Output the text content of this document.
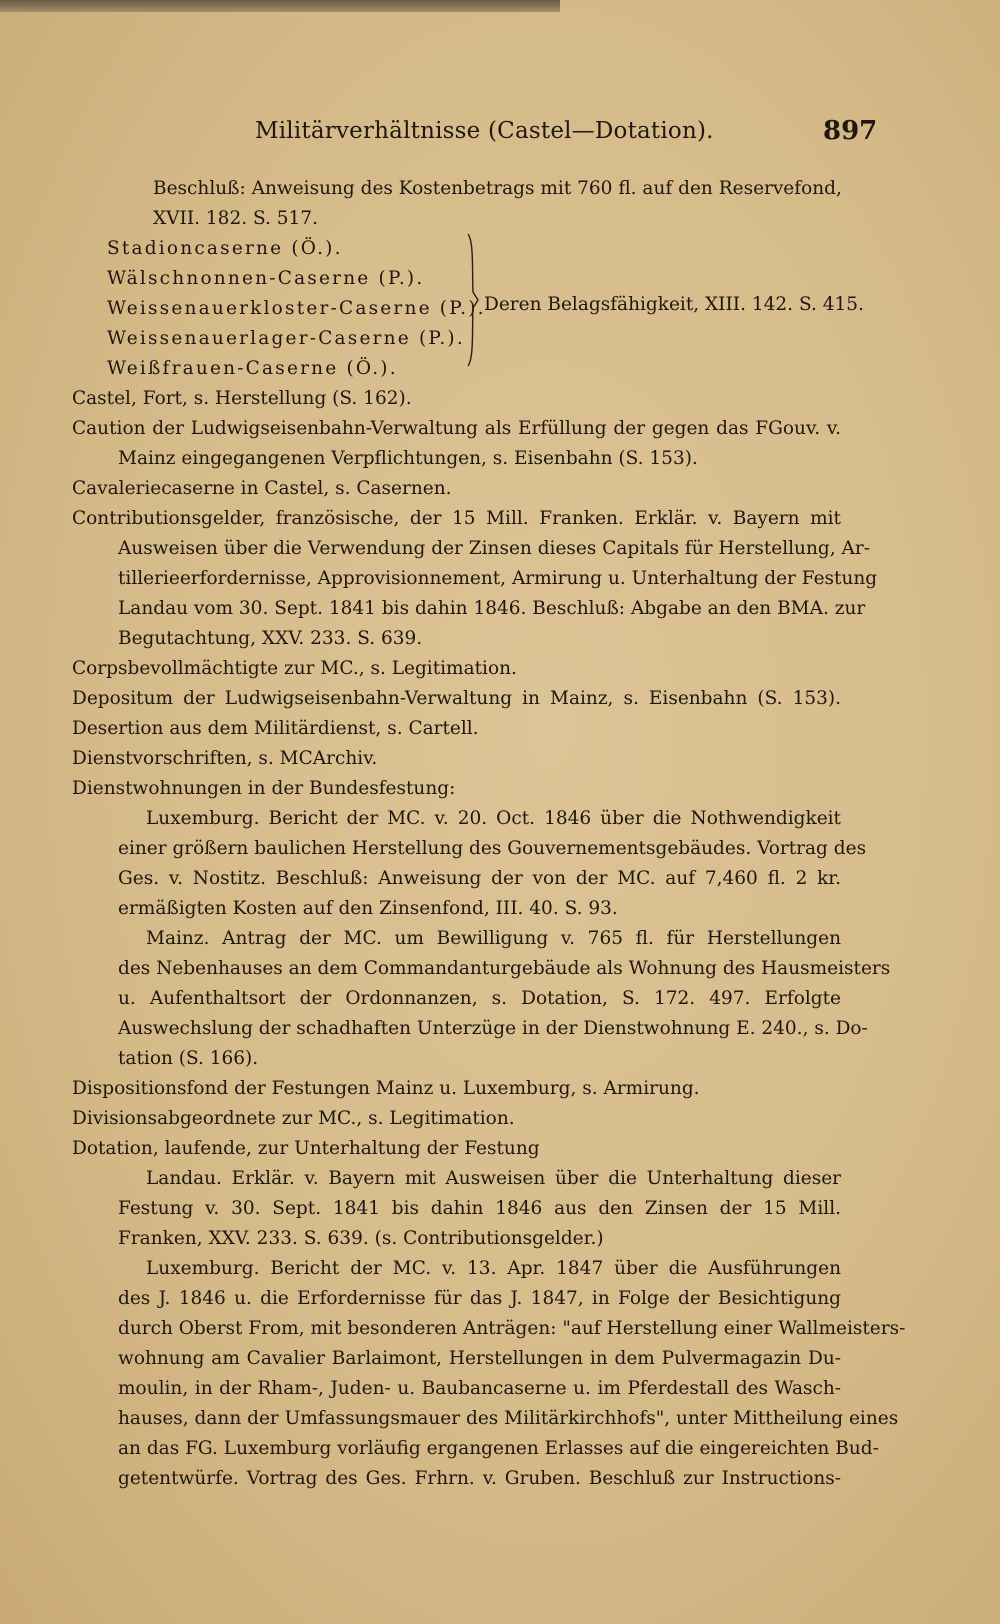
Militärverhältnisse (Castel—Dotation).	897
Beschluß: Anweisung des Kostenbetrags mit 760 fl. auf den Reservefond,
XVII. 182. S. 517.
Stadioncaserne (Ö.).
Wälschnonnen-Caserne (P.).
Weissenauerkloster-Caserne (P.).
Weissenauerlager-Caserne (P.).
Weißfrauen-Caserne (Ö.).
Castel, Fort, s. Herstellung (S. 162).
Caution der Ludwigseisenbahn-Verwaltung als Erfüllung der gegen das FGouv. v.
Mainz eingegangenen Verpflichtungen, s. Eisenbahn (S. 153).
Cavaleriecaserne in Castel, s. Casernen.
Contributionsgelder, französische, der 15 Mill. Franken. Erklär. v. Bayern mit
Ausweisen über die Verwendung der Zinsen dieses Capitals für Herstellung, Ar-
tillerieerfordernisse, Approvisionnement, Armirung u. Unterhaltung der Festung
Landau vom 30. Sept. 1841 bis dahin 1846. Beschluß: Abgabe an den BMA. zur
Begutachtung, XXV. 233. S. 639.
Corpsbevollmächtigte zur MC., s. Legitimation.
Depositum der Ludwigseisenbahn-Verwaltung in Mainz, s. Eisenbahn (S. 153).
Desertion aus dem Militärdienst, s. Cartell.
Dienstvorschriften, s. MCArchiv.
Dienstwohnungen in der Bundesfestung:
Luxemburg. Bericht der MC. v. 20. Oct. 1846 über die Nothwendigkeit
einer größern baulichen Herstellung des Gouvernementsgebäudes. Vortrag des
Ges. v. Nostitz. Beschluß: Anweisung der von der MC. auf 7,460 fl. 2 kr.
ermäßigten Kosten auf den Zinsenfond, III. 40. S. 93.
Mainz. Antrag der MC. um Bewilligung v. 765 fl. für Herstellungen
des Nebenhauses an dem Commandanturgebäude als Wohnung des Hausmeisters
u. Aufenthaltsort der Ordonnanzen, s. Dotation, S. 172. 497. Erfolgte
Auswechslung der schadhaften Unterzüge in der Dienstwohnung E. 240., s. Do-
tation (S. 166).
Dispositionsfond der Festungen Mainz u. Luxemburg, s. Armirung.
Divisionsabgeordnete zur MC., s. Legitimation.
Dotation, laufende, zur Unterhaltung der Festung
Landau. Erklär. v. Bayern mit Ausweisen über die Unterhaltung dieser
Festung v. 30. Sept. 1841 bis dahin 1846 aus den Zinsen der 15 Mill.
Franken, XXV. 233. S. 639. (s. Contributionsgelder.)
Luxemburg. Bericht der MC. v. 13. Apr. 1847 über die Ausführungen
des J. 1846 u. die Erfordernisse für das J. 1847, in Folge der Besichtigung
durch Oberst From, mit besonderen Anträgen: "auf Herstellung einer Wallmeisters-
wohnung am Cavalier Barlaimont, Herstellungen in dem Pulvermagazin Du-
moulin, in der Rham-, Juden- u. Baubancaserne u. im Pferdestall des Wasch-
hauses, dann der Umfassungsmauer des Militärkirchhofs", unter Mittheilung eines
an das FG. Luxemburg vorläufig ergangenen Erlasses auf die eingereichten Bud-
getentwürfe. Vortrag des Ges. Frhrn. v. Gruben. Beschluß zur Instructions-
Deren Belagsfähigkeit, XIII. 142. S. 415.
